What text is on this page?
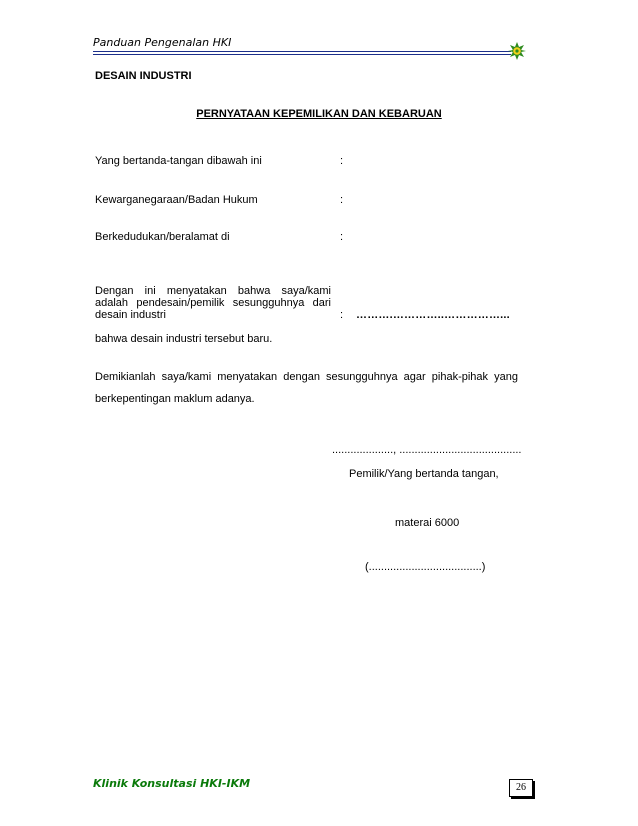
Panduan Pengenalan HKI
DESAIN INDUSTRI
PERNYATAAN KEPEMILIKAN DAN KEBARUAN
Yang bertanda-tangan dibawah ini	:
Kewarganegaraan/Badan Hukum	:
Berkedudukan/beralamat di	:
Dengan ini menyatakan bahwa saya/kami adalah pendesain/pemilik sesungguhnya dari desain industri	: ……….…………..……………...
bahwa desain industri tersebut baru.
Demikianlah saya/kami menyatakan dengan sesungguhnya agar pihak-pihak yang berkepentingan maklum adanya.
...................., ........................................
Pemilik/Yang bertanda tangan,
materai 6000
(.....................................)
Klinik Konsultasi HKI-IKM	26
